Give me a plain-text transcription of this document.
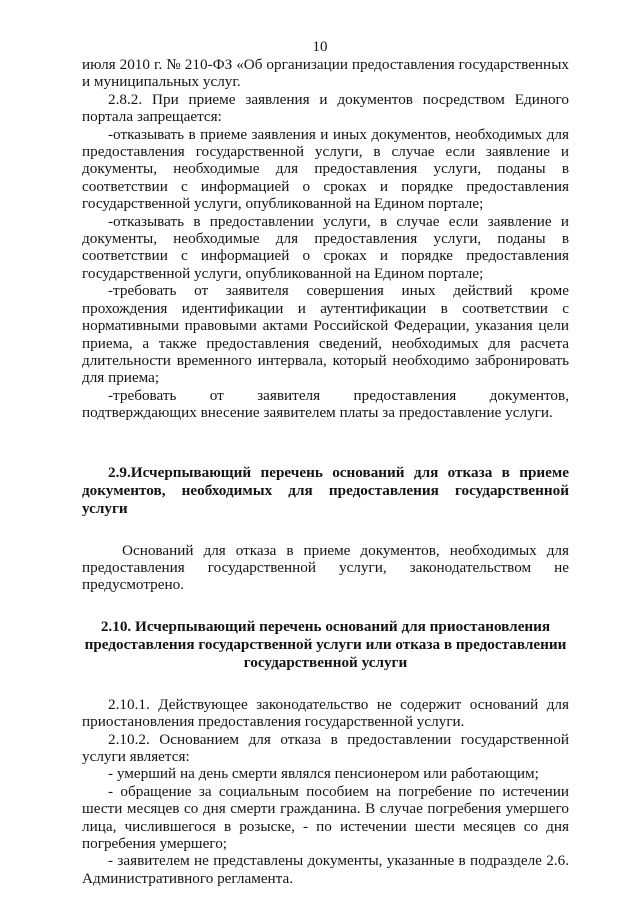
10

июля 2010 г. № 210-ФЗ «Об организации предоставления государственных и муниципальных услуг.

2.8.2. При приеме заявления и документов посредством Единого портала запрещается:

-отказывать в приеме заявления и иных документов, необходимых для предоставления государственной услуги, в случае если заявление и документы, необходимые для предоставления услуги, поданы в соответствии с информацией о сроках и порядке предоставления государственной услуги, опубликованной на Едином портале;

-отказывать в предоставлении услуги, в случае если заявление и документы, необходимые для предоставления услуги, поданы в соответствии с информацией о сроках и порядке предоставления государственной услуги, опубликованной на Едином портале;

-требовать от заявителя совершения иных действий кроме прохождения идентификации и аутентификации в соответствии с нормативными правовыми актами Российской Федерации, указания цели приема, а также предоставления сведений, необходимых для расчета длительности временного интервала, который необходимо забронировать для приема;

-требовать от заявителя предоставления документов, подтверждающих внесение заявителем платы за предоставление услуги.

2.9.Исчерпывающий перечень оснований для отказа в приеме документов, необходимых для предоставления государственной услуги

Оснований для отказа в приеме документов, необходимых для предоставления государственной услуги, законодательством не предусмотрено.

2.10. Исчерпывающий перечень оснований для приостановления предоставления государственной услуги или отказа в предоставлении государственной услуги

2.10.1. Действующее законодательство не содержит оснований для приостановления предоставления государственной услуги.

2.10.2. Основанием для отказа в предоставлении государственной услуги является:

- умерший на день смерти являлся пенсионером или работающим;

- обращение за социальным пособием на погребение по истечении шести месяцев со дня смерти гражданина. В случае погребения умершего лица, числившегося в розыске, - по истечении шести месяцев со дня погребения умершего;

- заявителем не представлены документы, указанные в подразделе 2.6. Административного регламента.
